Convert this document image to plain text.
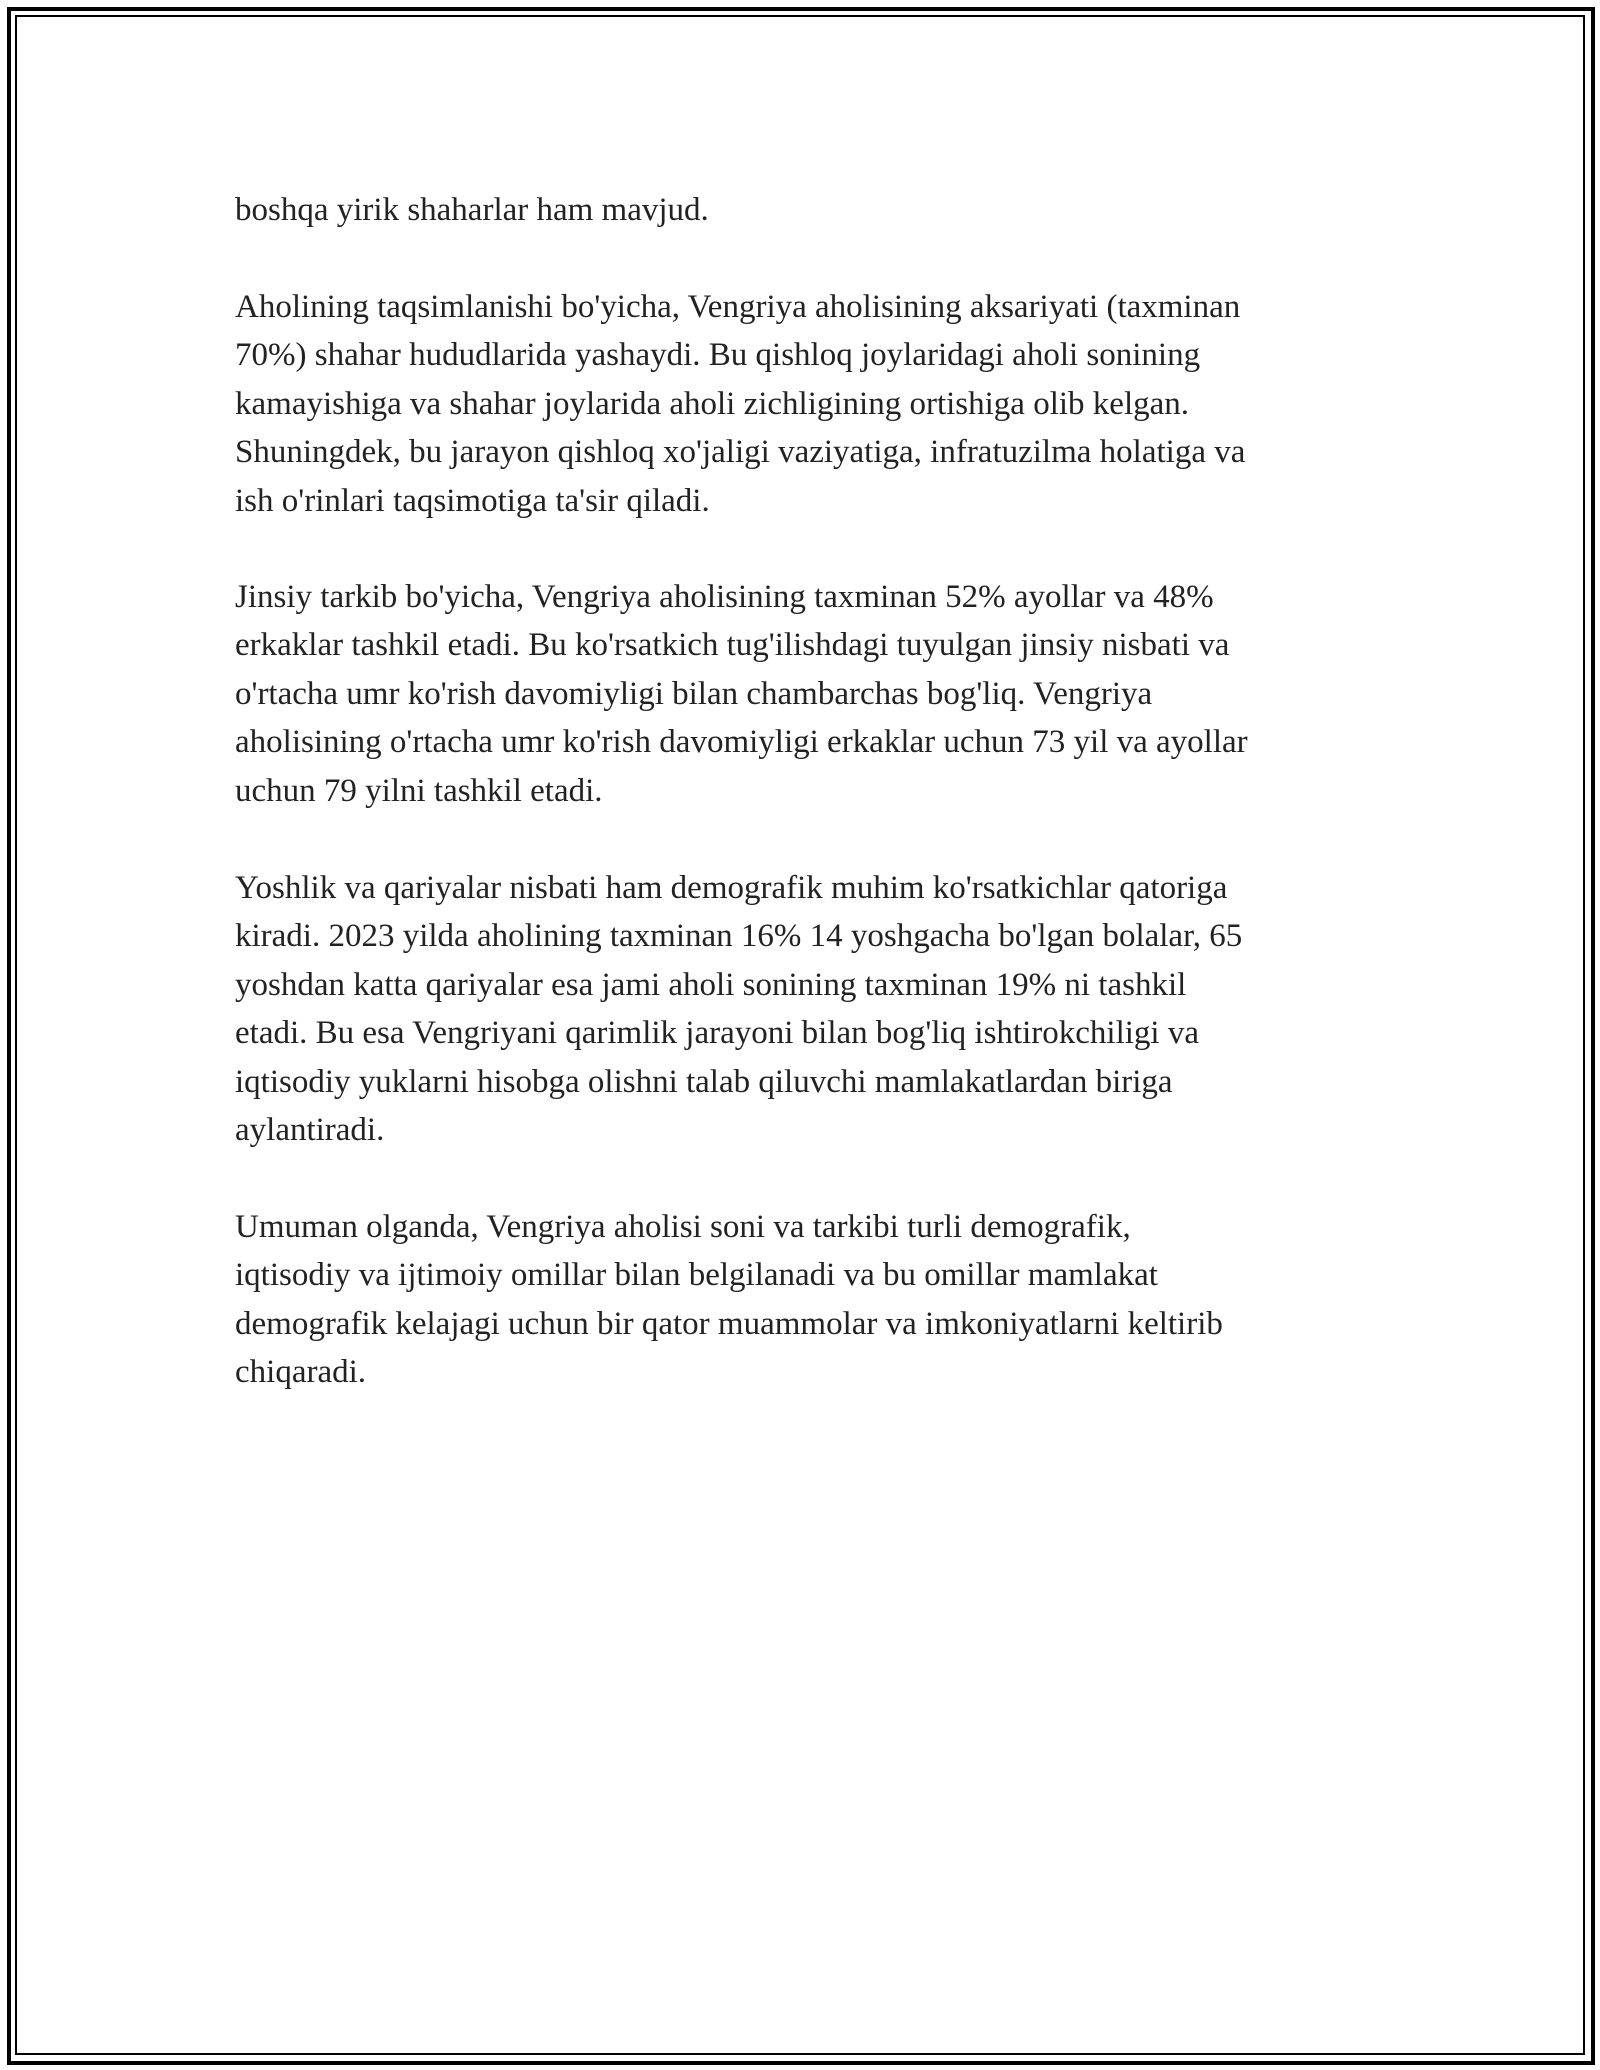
boshqa yirik shaharlar ham mavjud.
Aholining taqsimlanishi bo'yicha, Vengriya aholisining aksariyati (taxminan
70%) shahar hududlarida yashaydi. Bu qishloq joylaridagi aholi sonining
kamayishiga va shahar joylarida aholi zichligining ortishiga olib kelgan.
Shuningdek, bu jarayon qishloq xo'jaligi vaziyatiga, infratuzilma holatiga va
ish o'rinlari taqsimotiga ta'sir qiladi.
Jinsiy tarkib bo'yicha, Vengriya aholisining taxminan 52% ayollar va 48%
erkaklar tashkil etadi. Bu ko'rsatkich tug'ilishdagi tuyulgan jinsiy nisbati va
o'rtacha umr ko'rish davomiyligi bilan chambarchas bog'liq. Vengriya
aholisining o'rtacha umr ko'rish davomiyligi erkaklar uchun 73 yil va ayollar
uchun 79 yilni tashkil etadi.
Yoshlik va qariyalar nisbati ham demografik muhim ko'rsatkichlar qatoriga
kiradi. 2023 yilda aholining taxminan 16% 14 yoshgacha bo'lgan bolalar, 65
yoshdan katta qariyalar esa jami aholi sonining taxminan 19% ni tashkil
etadi. Bu esa Vengriyani qarimlik jarayoni bilan bog'liq ishtirokchiligi va
iqtisodiy yuklarni hisobga olishni talab qiluvchi mamlakatlardan biriga
aylantiradi.
Umuman olganda, Vengriya aholisi soni va tarkibi turli demografik,
iqtisodiy va ijtimoiy omillar bilan belgilanadi va bu omillar mamlakat
demografik kelajagi uchun bir qator muammolar va imkoniyatlarni keltirib
chiqaradi.
